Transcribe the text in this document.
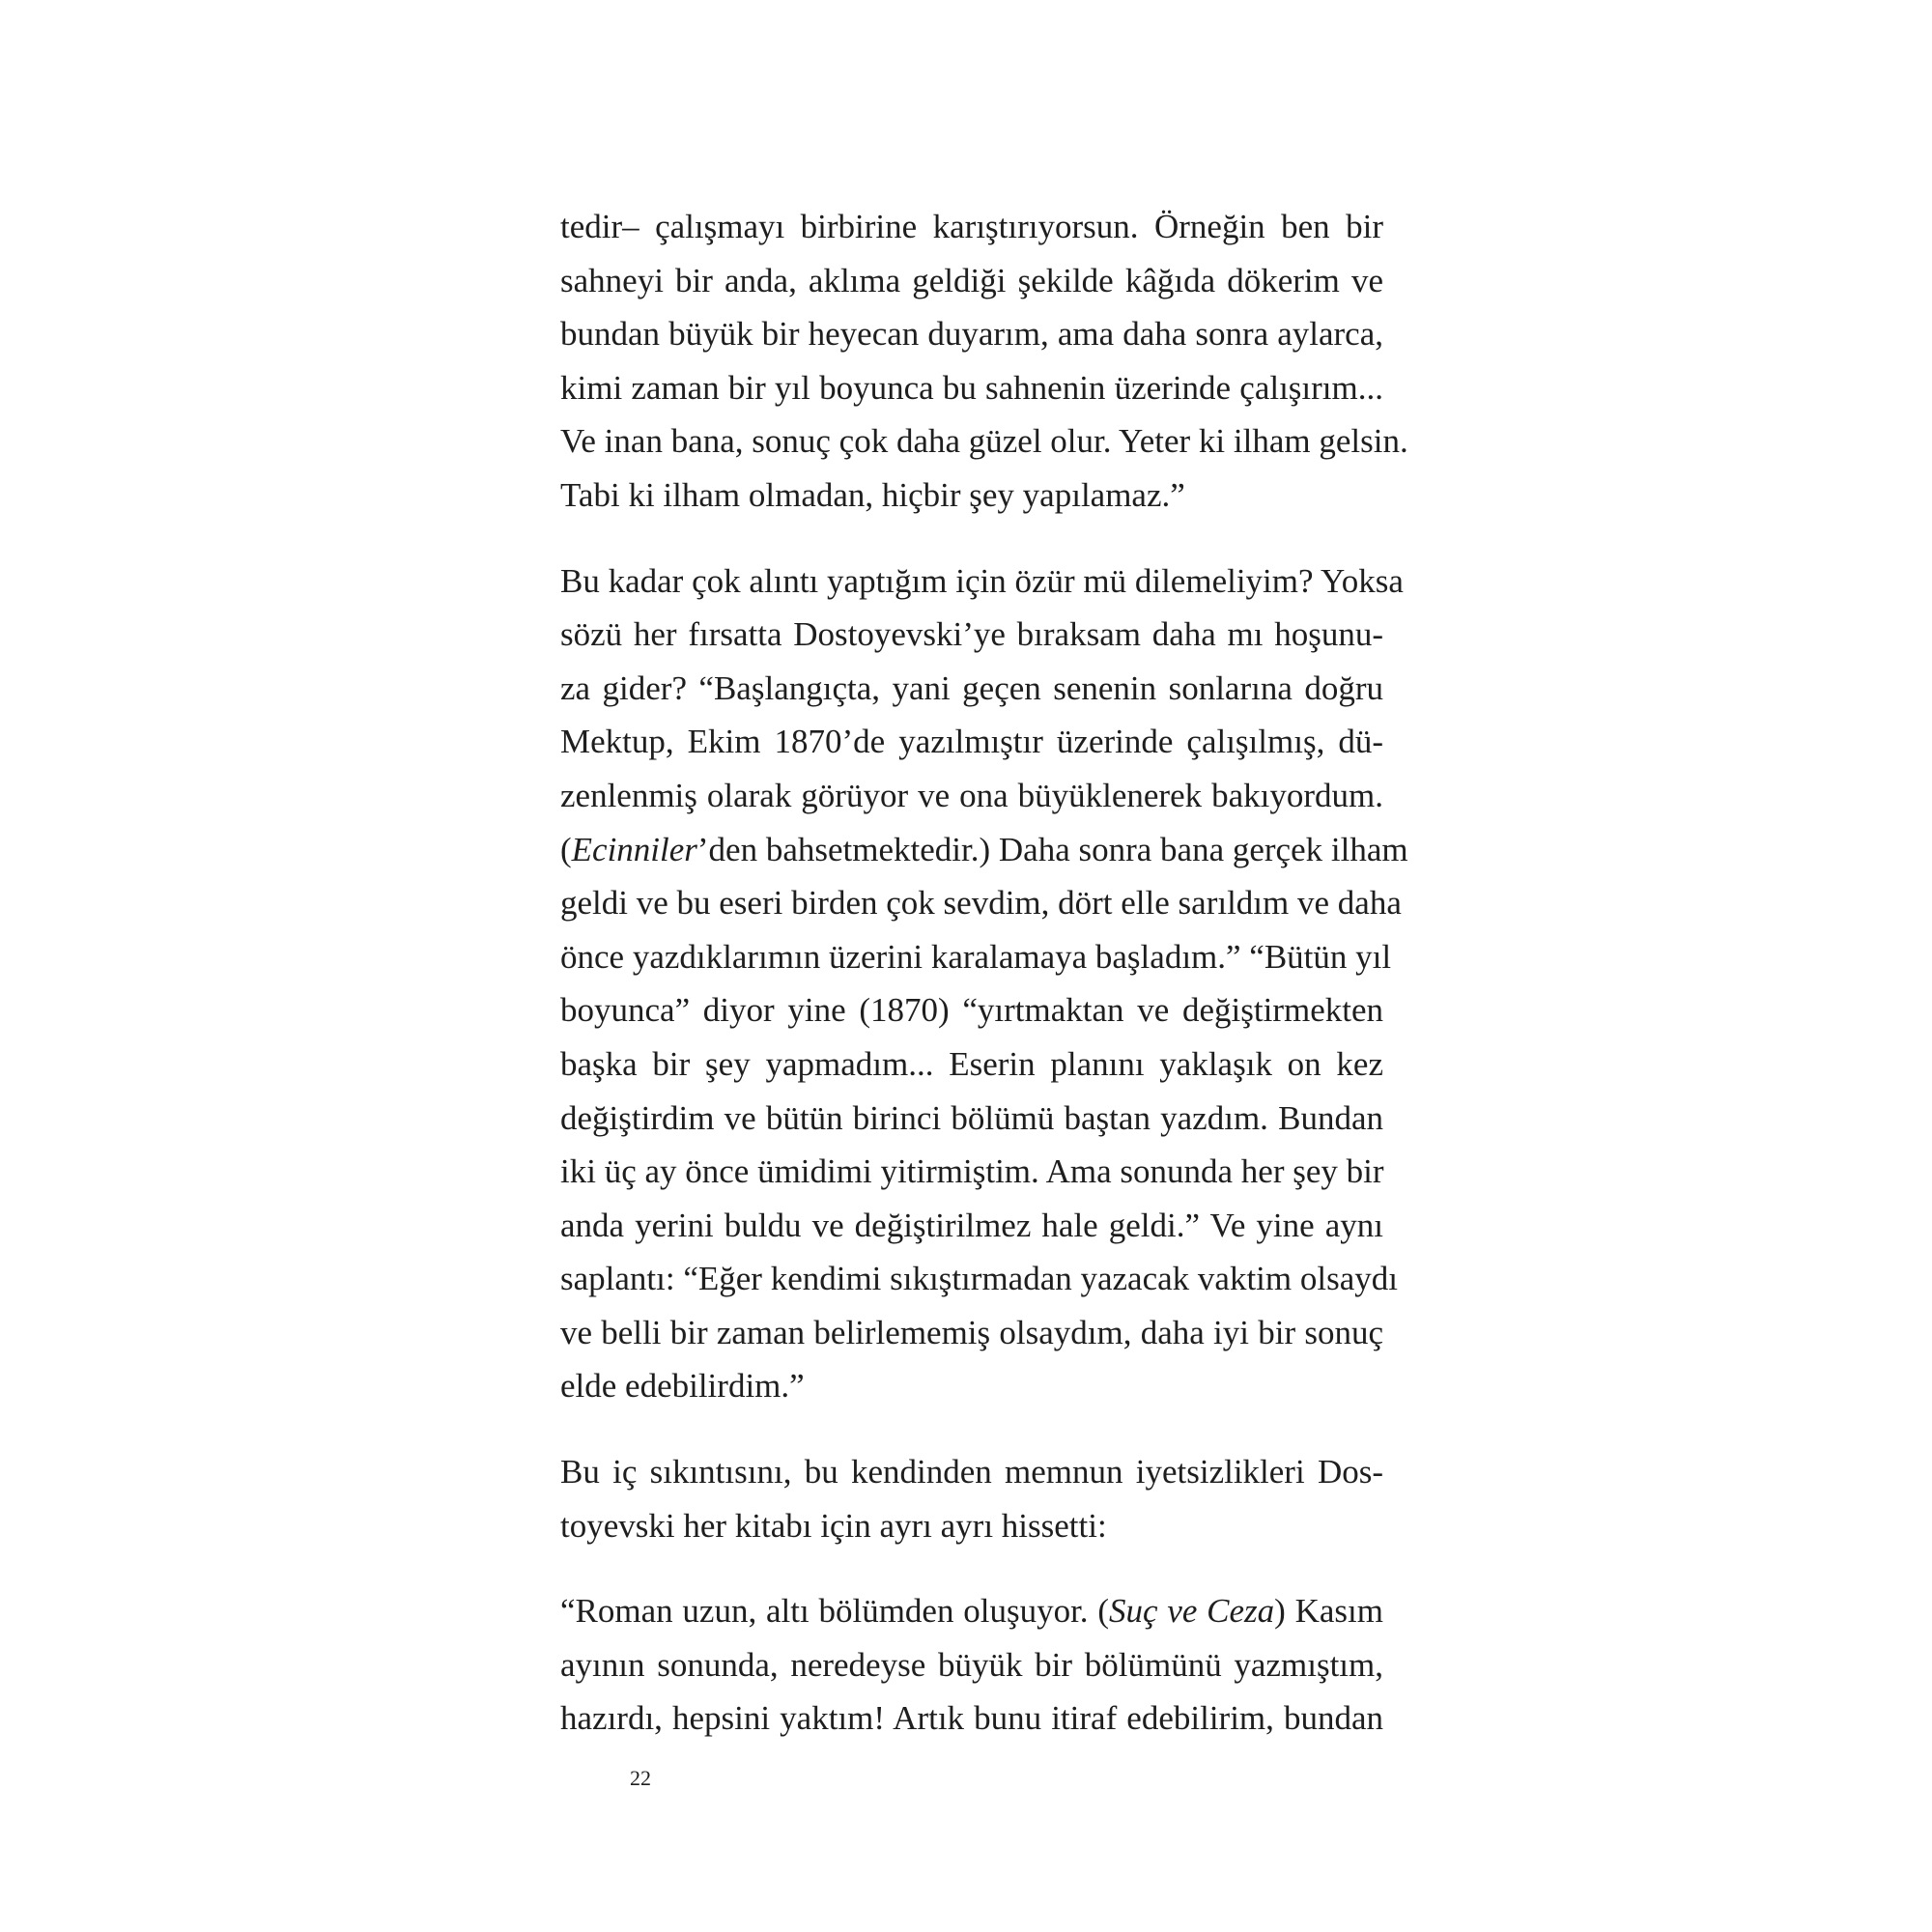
tedir– çalışmayı birbirine karıştırıyorsun. Örneğin ben bir
sahneyi bir anda, aklıma geldiği şekilde kâğıda dökerim ve
bundan büyük bir heyecan duyarım, ama daha sonra aylarca,
kimi zaman bir yıl boyunca bu sahnenin üzerinde çalışırım...
Ve inan bana, sonuç çok daha güzel olur. Yeter ki ilham gelsin.
Tabi ki ilham olmadan, hiçbir şey yapılamaz.”

Bu kadar çok alıntı yaptığım için özür mü dilemeliyim? Yoksa
sözü her fırsatta Dostoyevski’ye bıraksam daha mı hoşunu-
za gider? “Başlangıçta, yani geçen senenin sonlarına doğru
Mektup, Ekim 1870’de yazılmıştır üzerinde çalışılmış, dü-
zenlenmiş olarak görüyor ve ona büyüklenerek bakıyordum.
(Ecinniler’den bahsetmektedir.) Daha sonra bana gerçek ilham
geldi ve bu eseri birden çok sevdim, dört elle sarıldım ve daha
önce yazdıklarımın üzerini karalamaya başladım.” “Bütün yıl
boyunca” diyor yine (1870) “yırtmaktan ve değiştirmekten
başka bir şey yapmadım... Eserin planını yaklaşık on kez
değiştirdim ve bütün birinci bölümü baştan yazdım. Bundan
iki üç ay önce ümidimi yitirmiştim. Ama sonunda her şey bir
anda yerini buldu ve değiştirilmez hale geldi.” Ve yine aynı
saplantı: “Eğer kendimi sıkıştırmadan yazacak vaktim olsaydı
ve belli bir zaman belirlememiş olsaydım, daha iyi bir sonuç
elde edebilirdim.”

Bu iç sıkıntısını, bu kendinden memnun iyetsizlikleri Dos-
toyevski her kitabı için ayrı ayrı hissetti:

“Roman uzun, altı bölümden oluşuyor. (Suç ve Ceza) Kasım
ayının sonunda, neredeyse büyük bir bölümünü yazmıştım,
hazırdı, hepsini yaktım! Artık bunu itiraf edebilirim, bundan

22
